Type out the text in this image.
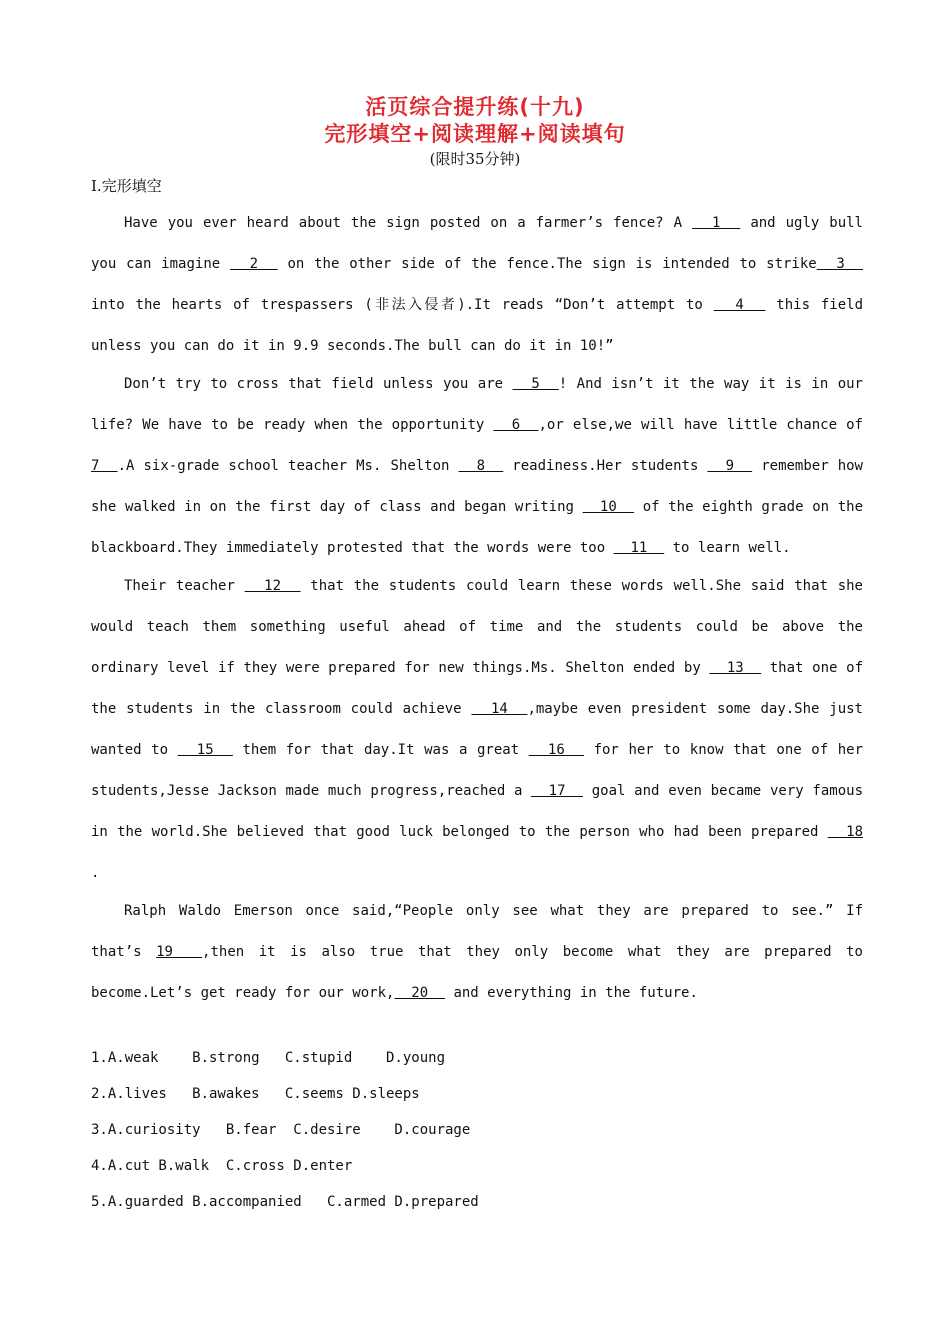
活页综合提升练(十九)
完形填空+阅读理解+阅读填句
(限时35分钟)
I.完形填空

Have you ever heard about the sign posted on a farmer’s fence? A   1   and ugly bull you can imagine   2   on the other side of the fence.The sign is intended to strike  3   into the hearts of trespassers (非法入侵者).It reads “Don’t attempt to   4   this field unless you can do it in 9.9 seconds.The bull can do it in 10!”

Don’t try to cross that field unless you are   5  ! And isn’t it the way it is in our life? We have to be ready when the opportunity   6  ,or else,we will have little chance of 7  .A six-grade school teacher Ms. Shelton   8   readiness.Her students   9   remember how she walked in on the first day of class and began writing   10   of the eighth grade on the blackboard.They immediately protested that the words were too   11   to learn well.

Their teacher   12   that the students could learn these words well.She said that she would teach them something useful ahead of time and the students could be above the ordinary level if they were prepared for new things.Ms. Shelton ended by   13   that one of the students in the classroom could achieve   14  ,maybe even president some day.She just wanted to   15   them for that day.It was a great   16   for her to know that one of her students,Jesse Jackson made much progress,reached a   17   goal and even became very famous in the world.She believed that good luck belonged to the person who had been prepared   18 .

Ralph Waldo Emerson once said,“People only see what they are prepared to see.” If that’s 19  ,then it is also true that they only become what they are prepared to become.Let’s get ready for our work,  20   and everything in the future.

1.A.weak    B.strong   C.stupid    D.young
2.A.lives   B.awakes   C.seems D.sleeps
3.A.curiosity   B.fear  C.desire    D.courage
4.A.cut B.walk  C.cross D.enter
5.A.guarded B.accompanied   C.armed D.prepared
